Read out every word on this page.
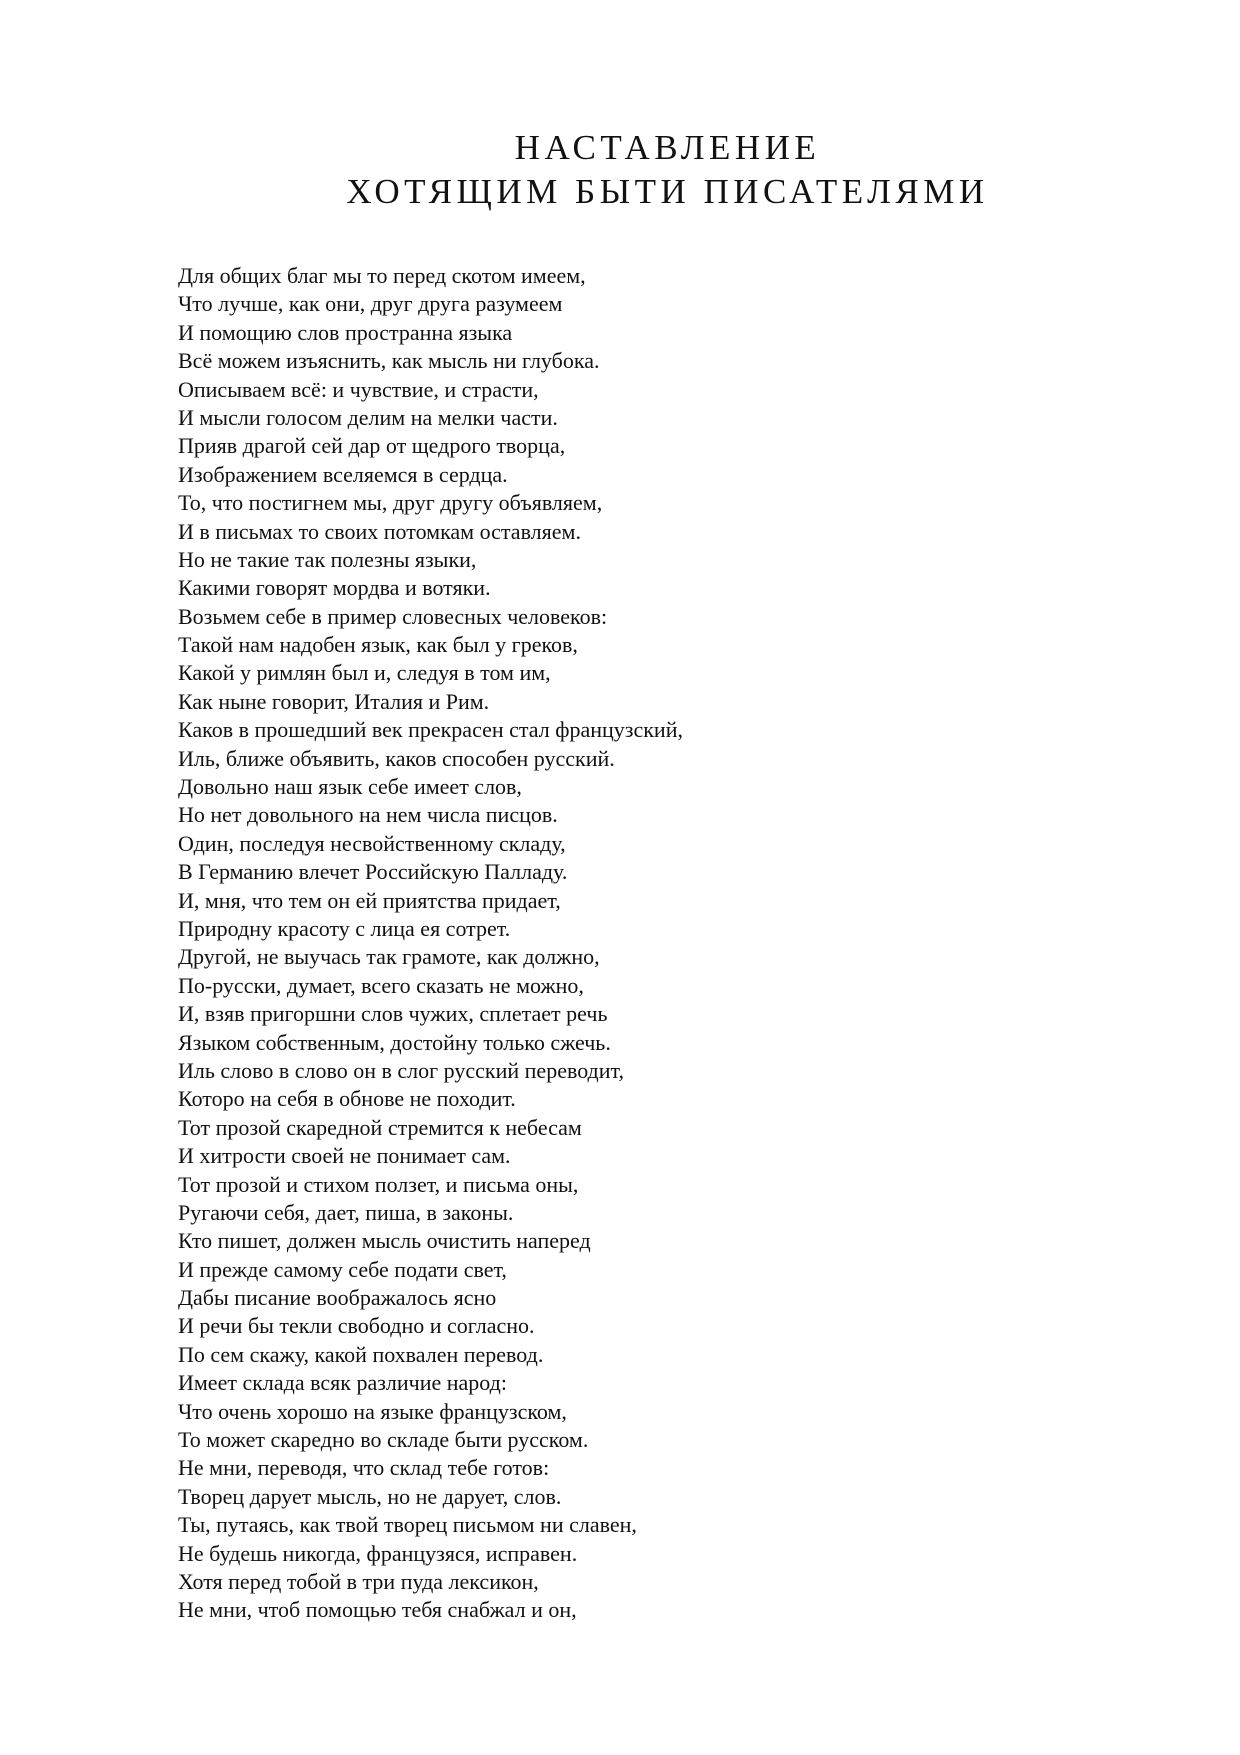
НАСТАВЛЕНИЕ
ХОТЯЩИМ БЫТИ ПИСАТЕЛЯМИ
Для общих благ мы то перед скотом имеем,
Что лучше, как они, друг друга разумеем
И помощию слов пространна языка
Всё можем изъяснить, как мысль ни глубока.
Описываем всё: и чувствие, и страсти,
И мысли голосом делим на мелки части.
Прияв драгой сей дар от щедрого творца,
Изображением вселяемся в сердца.
То, что постигнем мы, друг другу объявляем,
И в письмах то своих потомкам оставляем.
Но не такие так полезны языки,
Какими говорят мордва и вотяки.
Возьмем себе в пример словесных человеков:
Такой нам надобен язык, как был у греков,
Какой у римлян был и, следуя в том им,
Как ныне говорит, Италия и Рим.
Каков в прошедший век прекрасен стал французский,
Иль, ближе объявить, каков способен русский.
Довольно наш язык себе имеет слов,
Но нет довольного на нем числа писцов.
Один, последуя несвойственному складу,
В Германию влечет Российскую Палладу.
И, мня, что тем он ей приятства придает,
Природну красоту с лица ея сотрет.
Другой, не выучась так грамоте, как должно,
По-русски, думает, всего сказать не можно,
И, взяв пригоршни слов чужих, сплетает речь
Языком собственным, достойну только сжечь.
Иль слово в слово он в слог русский переводит,
Которо на себя в обнове не походит.
Тот прозой скаредной стремится к небесам
И хитрости своей не понимает сам.
Тот прозой и стихом ползет, и письма оны,
Ругаючи себя, дает, пиша, в законы.
Кто пишет, должен мысль очистить наперед
И прежде самому себе подати свет,
Дабы писание воображалось ясно
И речи бы текли свободно и согласно.
По сем скажу, какой похвален перевод.
Имеет склада всяк различие народ:
Что очень хорошо на языке французском,
То может скаредно во складе быти русском.
Не мни, переводя, что склад тебе готов:
Творец дарует мысль, но не дарует, слов.
Ты, путаясь, как твой творец письмом ни славен,
Не будешь никогда, французяся, исправен.
Хотя перед тобой в три пуда лексикон,
Не мни, чтоб помощью тебя снабжал и он,
